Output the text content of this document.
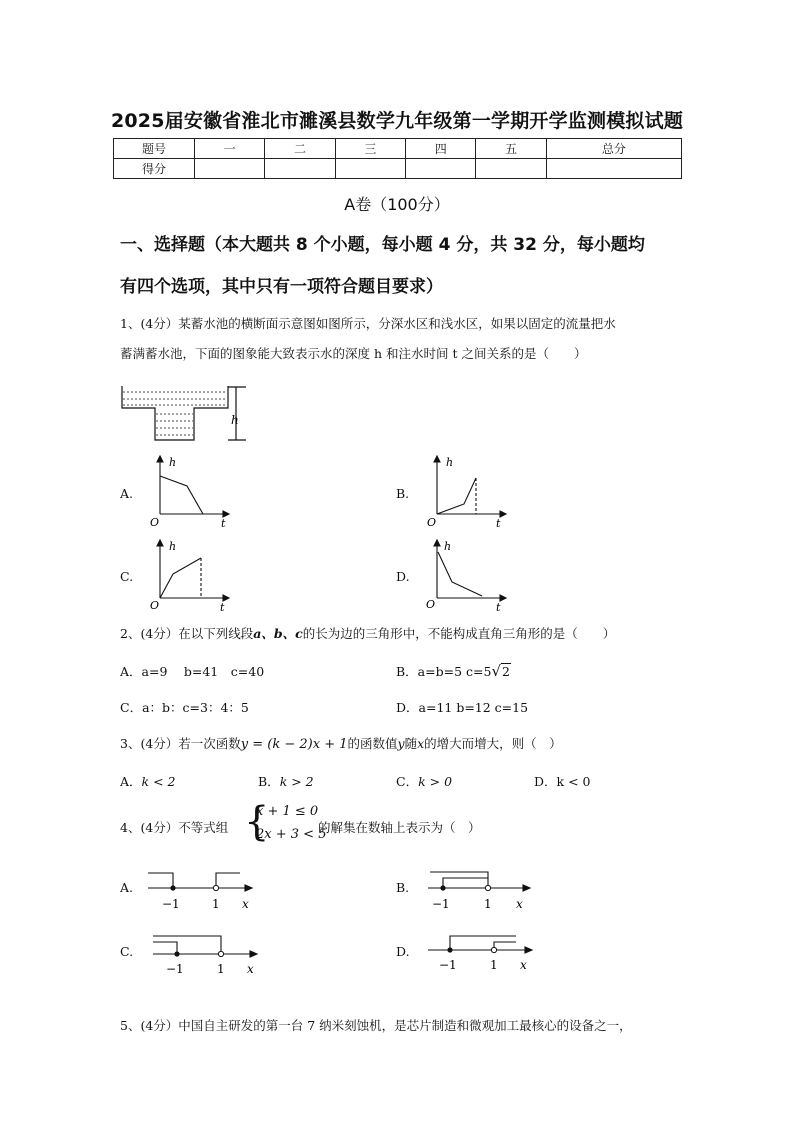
2025届安徽省淮北市濉溪县数学九年级第一学期开学监测模拟试题
题号	一	二	三	四	五	总分
得分						
A卷（100分）
一、选择题（本大题共 8 个小题，每小题 4 分，共 32 分，每小题均
有四个选项，其中只有一项符合题目要求）
1、(4分）某蓄水池的横断面示意图如图所示，分深水区和浅水区，如果以固定的流量把水
蓄满蓄水池，下面的图象能大致表示水的深度 h 和注水时间 t 之间关系的是（　　）
h
A.
h
t
O
B.
h
t
O
C.
h
t
O
D.
h
t
O
2、(4分）在以下列线段a、b、c的长为边的三角形中，不能构成直角三角形的是（　　）
A．a=9　 b=41　c=40	B．a=b=5 c=5√2
C．a：b：c=3：4：5	D．a=11 b=12 c=15
3、(4分）若一次函数y = (k − 2)x + 1的函数值y随x的增大而增大，则（　）
A．k < 2	B．k > 2	C．k > 0	D．k < 0
4、(4分）不等式组 {
x + 1 ≤ 0
2x + 3 < 5
的解集在数轴上表示为（　）
A.
−1	1 x
B.
−1	1 x
C.
−1	1 x
D.
−1	1 x
5、(4分）中国自主研发的第一台 7 纳米刻蚀机，是芯片制造和微观加工最核心的设备之一，
